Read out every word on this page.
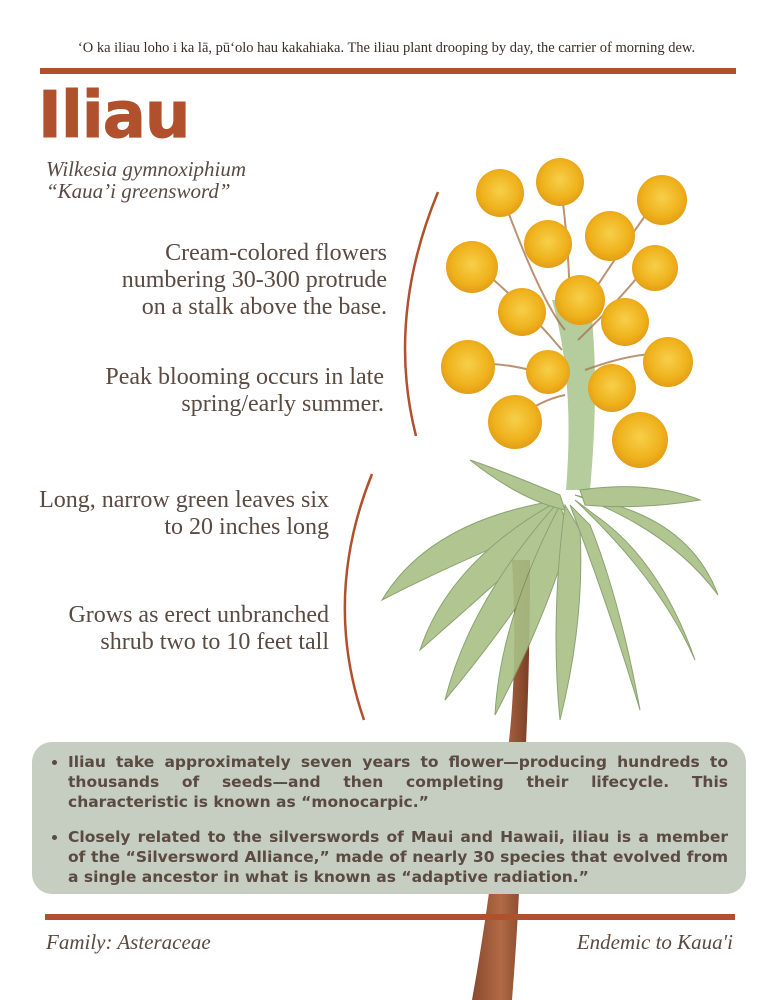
ʻO ka iliau loho i ka lā, pūʻolo hau kakahiaka. The iliau plant drooping by day, the carrier of morning dew.
Iliau
Wilkesia gymnoxiphium
“Kaua’i greensword”
Cream-colored flowers
numbering 30-300 protrude
on a stalk above the base.
Peak blooming occurs in late
spring/early summer.
Long, narrow green leaves six
to 20 inches long
Grows as erect unbranched
shrub two to 10 feet tall
• Iliau take approximately seven years to flower—producing hundreds to thousands of seeds—and then completing their lifecycle. This characteristic is known as “monocarpic.”
• Closely related to the silverswords of Maui and Hawaii, iliau is a member of the “Silversword Alliance,” made of nearly 30 species that evolved from a single ancestor in what is known as “adaptive radiation.”
Family: Asteraceae	Endemic to Kaua'i
